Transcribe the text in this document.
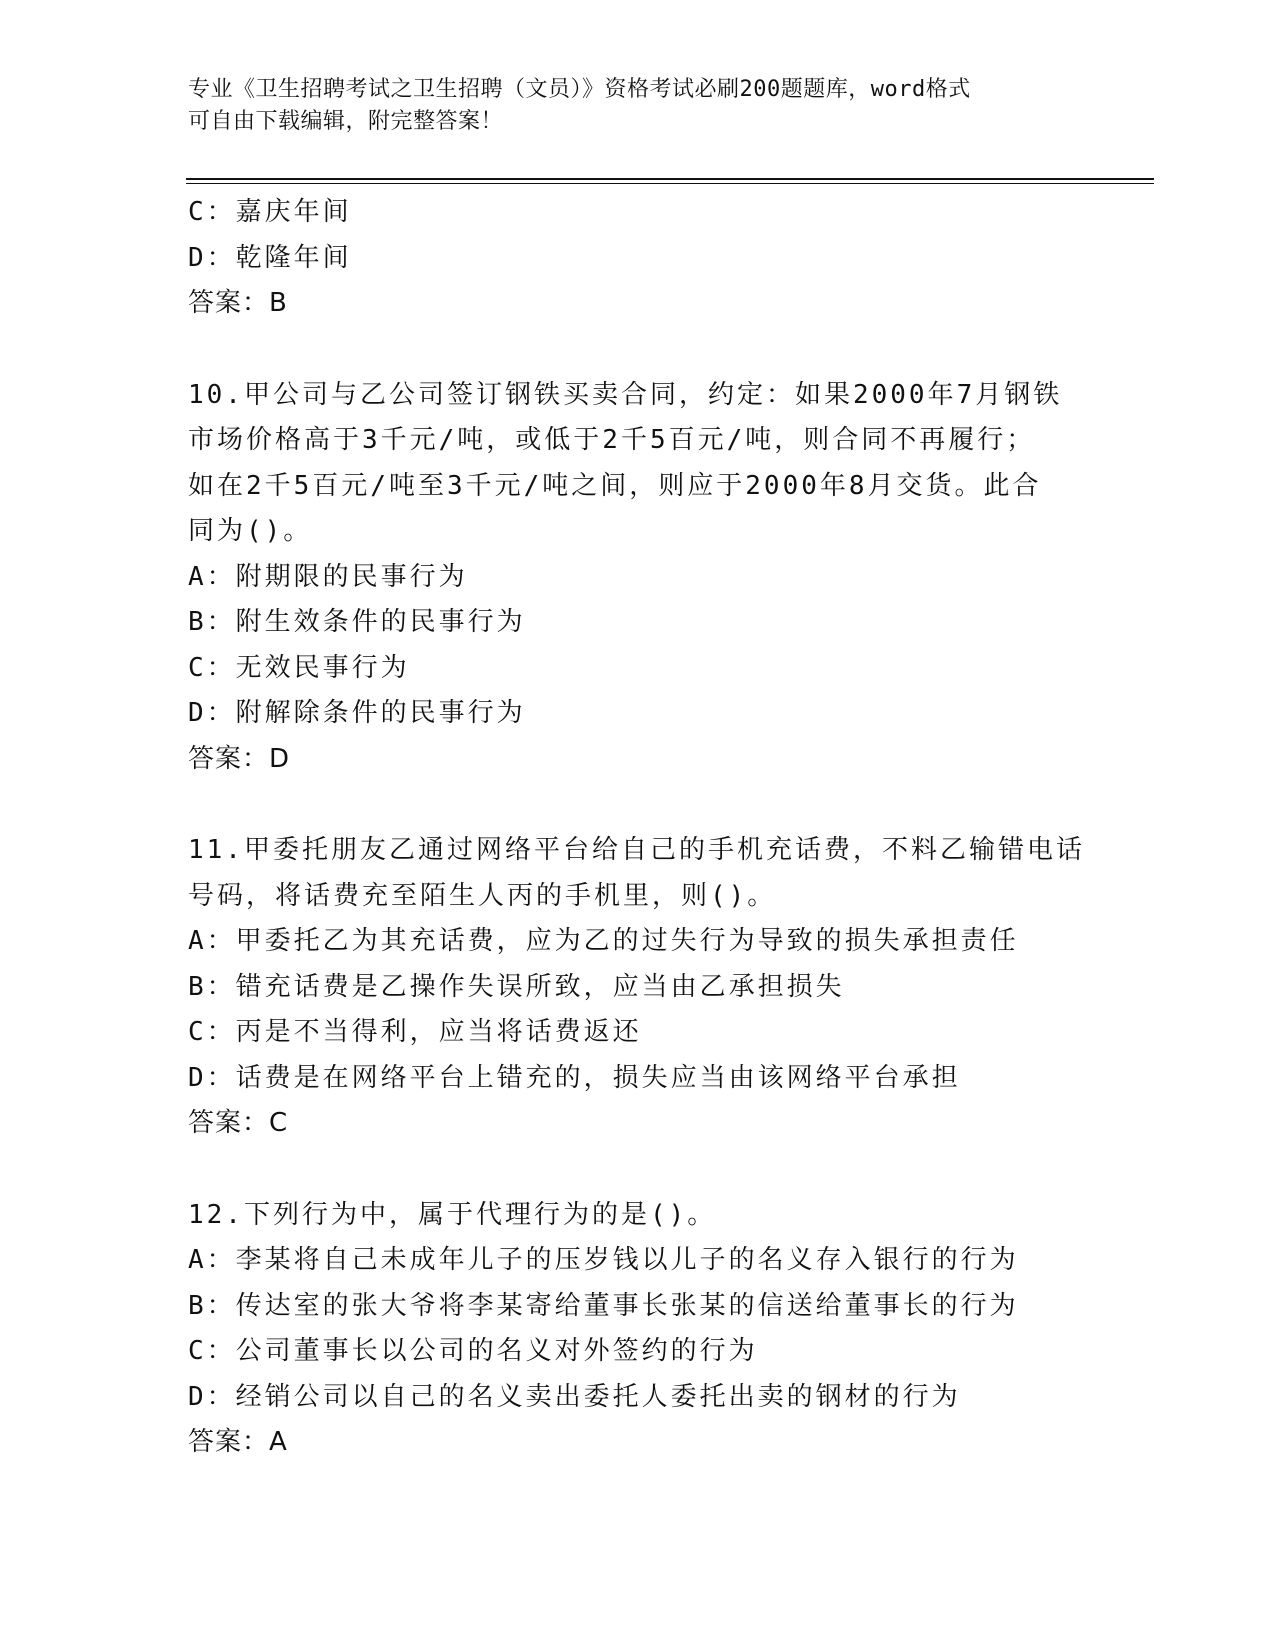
专业《卫生招聘考试之卫生招聘（文员）》资格考试必刷200题题库，word格式
可自由下载编辑，附完整答案！
C：嘉庆年间
D：乾隆年间
答案：B
10.甲公司与乙公司签订钢铁买卖合同，约定：如果2000年7月钢铁
市场价格高于3千元/吨，或低于2千5百元/吨，则合同不再履行；
如在2千5百元/吨至3千元/吨之间，则应于2000年8月交货。此合
同为()。
A：附期限的民事行为
B：附生效条件的民事行为
C：无效民事行为
D：附解除条件的民事行为
答案：D
11.甲委托朋友乙通过网络平台给自己的手机充话费，不料乙输错电话
号码，将话费充至陌生人丙的手机里，则()。
A：甲委托乙为其充话费，应为乙的过失行为导致的损失承担责任
B：错充话费是乙操作失误所致，应当由乙承担损失
C：丙是不当得利，应当将话费返还
D：话费是在网络平台上错充的，损失应当由该网络平台承担
答案：C
12.下列行为中，属于代理行为的是()。
A：李某将自己未成年儿子的压岁钱以儿子的名义存入银行的行为
B：传达室的张大爷将李某寄给董事长张某的信送给董事长的行为
C：公司董事长以公司的名义对外签约的行为
D：经销公司以自己的名义卖出委托人委托出卖的钢材的行为
答案：A
